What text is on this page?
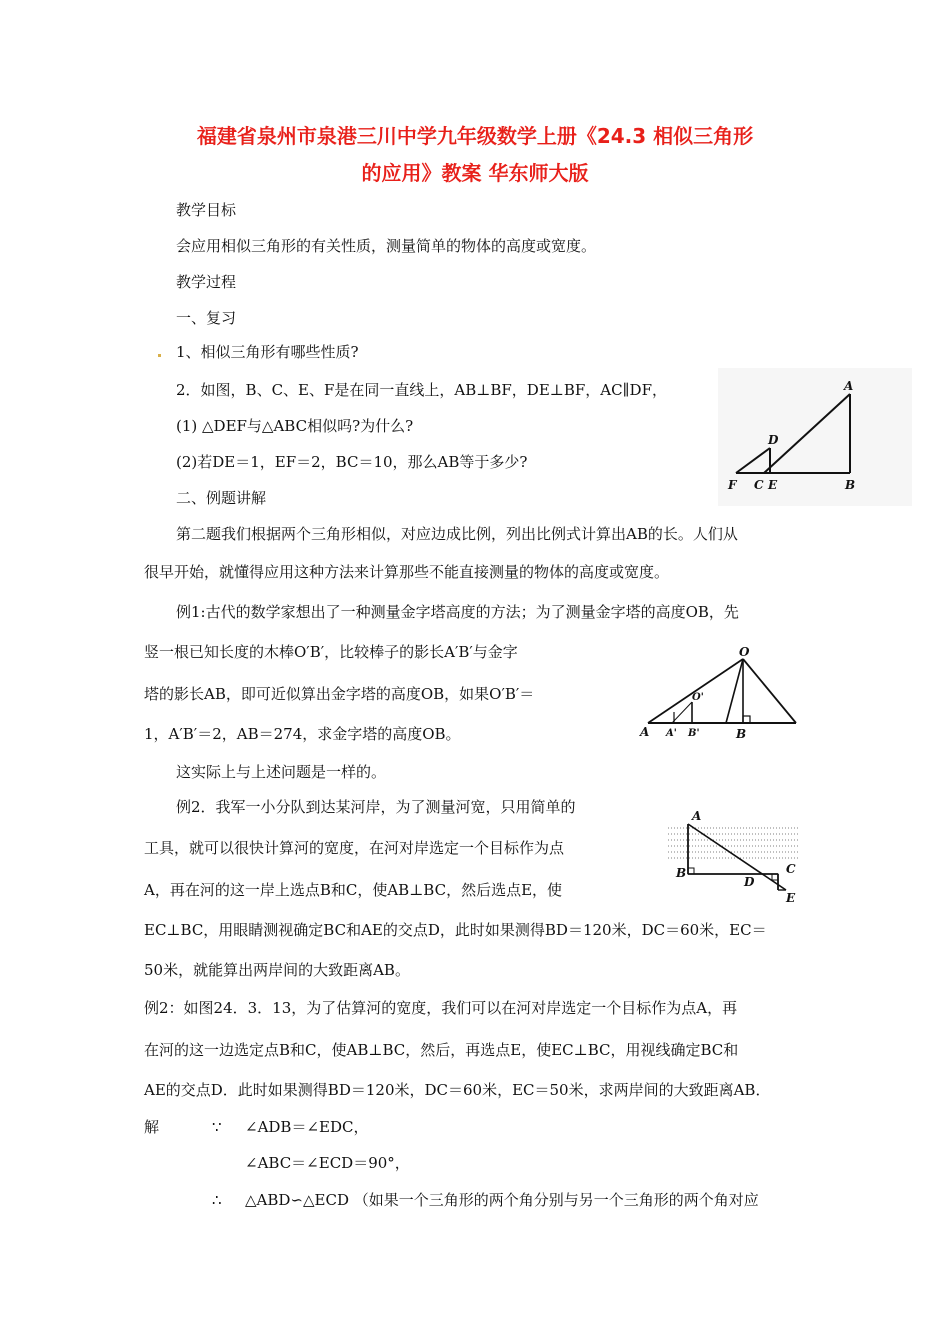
福建省泉州市泉港三川中学九年级数学上册《24.3 相似三角形
的应用》教案 华东师大版
教学目标
会应用相似三角形的有关性质，测量简单的物体的高度或宽度。
教学过程
一、复习
1、相似三角形有哪些性质?
2．如图，B、C、E、F是在同一直线上，AB⊥BF，DE⊥BF，AC∥DF，
(1) △DEF与△ABC相似吗?为什么?
(2)若DE＝1，EF＝2，BC＝10，那么AB等于多少?
二、例题讲解
A
D
F C E	B
第二题我们根据两个三角形相似，对应边成比例，列出比例式计算出AB的长。人们从
很早开始，就懂得应用这种方法来计算那些不能直接测量的物体的高度或宽度。
例1:古代的数学家想出了一种测量金字塔高度的方法；为了测量金字塔的高度OB，先
竖一根已知长度的木棒O′B′，比较棒子的影长A′B′与金字
塔的影长AB，即可近似算出金字塔的高度OB，如果O′B′＝
1，A′B′＝2，AB＝274，求金字塔的高度OB。
O
O'
A A' B'	B
这实际上与上述问题是一样的。
例2．我军一小分队到达某河岸，为了测量河宽，只用简单的
工具，就可以很快计算河的宽度，在河对岸选定一个目标作为点
A，再在河的这一岸上选点B和C，使AB⊥BC，然后选点E，使
A
B	C
D
E
EC⊥BC，用眼睛测视确定BC和AE的交点D，此时如果测得BD＝120米，DC＝60米，EC＝
50米，就能算出两岸间的大致距离AB。
例2：如图24．3．13，为了估算河的宽度，我们可以在河对岸选定一个目标作为点A，再
在河的这一边选定点B和C，使AB⊥BC，然后，再选点E，使EC⊥BC，用视线确定BC和
AE的交点D．此时如果测得BD＝120米，DC＝60米，EC＝50米，求两岸间的大致距离AB．
解	∵ ∠ADB＝∠EDC，
∠ABC＝∠ECD＝90°，
∴ △ABD∽△ECD （如果一个三角形的两个角分别与另一个三角形的两个角对应
